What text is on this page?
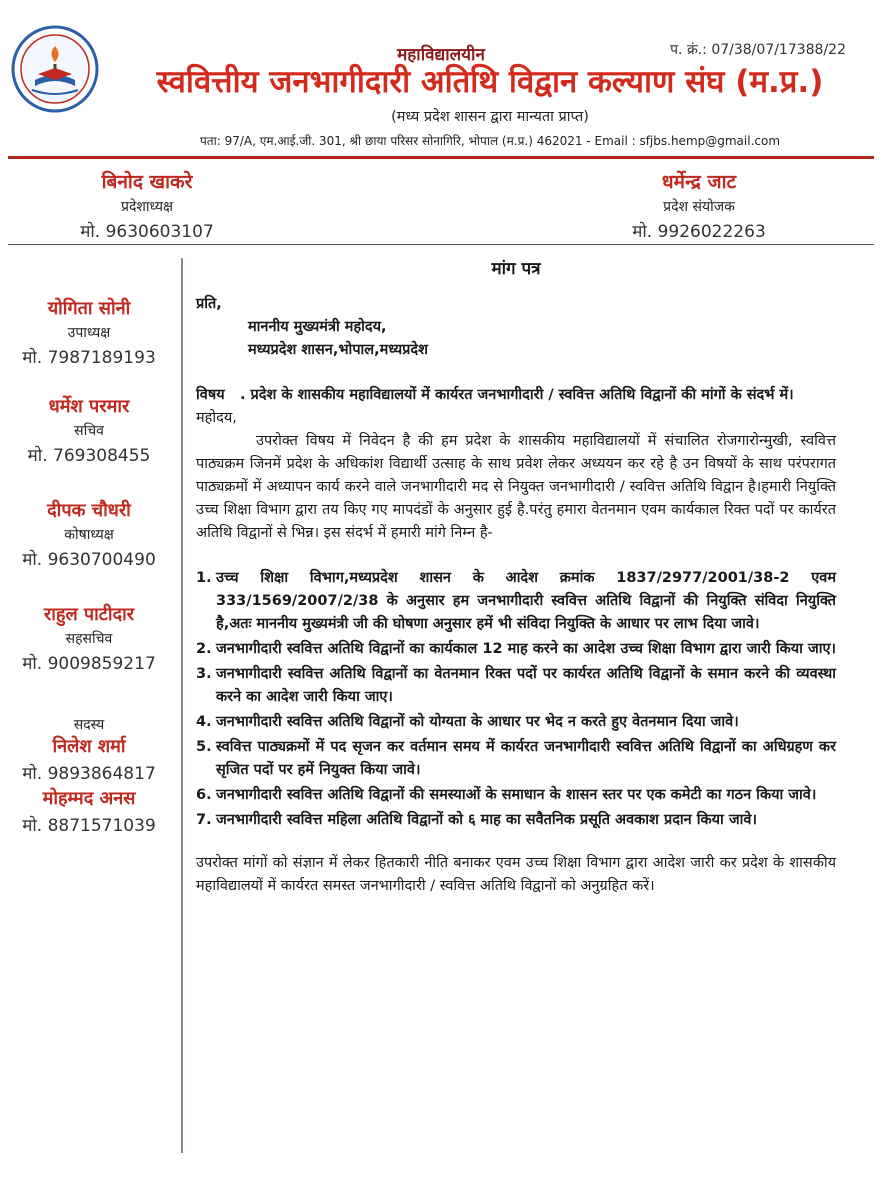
महाविद्यालयीन	प. क्रं.: 07/38/07/17388/22
स्ववित्तीय जनभागीदारी अतिथि विद्वान कल्याण संघ (म.प्र.)
(मध्य प्रदेश शासन द्वारा मान्यता प्राप्त)
पता: 97/A, एम.आई.जी. 301, श्री छाया परिसर सोनागिरि, भोपाल (म.प्र.) 462021 - Email : sfjbs.hemp@gmail.com
बिनोद खाकरे
प्रदेशाध्यक्ष
मो. 9630603107
धर्मेन्द्र जाट
प्रदेश संयोजक
मो. 9926022263
योगिता सोनी
उपाध्यक्ष
मो. 7987189193
धर्मेश परमार
सचिव
मो. 769308455
दीपक चौधरी
कोषाध्यक्ष
मो. 9630700490
राहुल पाटीदार
सहसचिव
मो. 9009859217
सदस्य
निलेश शर्मा
मो. 9893864817
मोहम्मद अनस
मो. 8871571039
मांग पत्र
प्रति,
माननीय मुख्यमंत्री महोदय,
मध्यप्रदेश शासन,भोपाल,मध्यप्रदेश
विषय	. प्रदेश के शासकीय महाविद्यालयों में कार्यरत जनभागीदारी / स्ववित्त अतिथि विद्वानों की मांगों के संदर्भ में।
महोदय,
उपरोक्त विषय में निवेदन है की हम प्रदेश के शासकीय महाविद्यालयों में संचालित रोजगारोन्मुखी, स्ववित्त पाठ्यक्रम जिनमें प्रदेश के अधिकांश विद्यार्थी उत्साह के साथ प्रवेश लेकर अध्ययन कर रहे है उन विषयों के साथ परंपरागत पाठ्यक्रमों में अध्यापन कार्य करने वाले जनभागीदारी मद से नियुक्त जनभागीदारी / स्ववित्त अतिथि विद्वान है।हमारी नियुक्ति उच्च शिक्षा विभाग द्वारा तय किए गए मापदंडों के अनुसार हुई है.परंतु हमारा वेतनमान एवम कार्यकाल रिक्त पदों पर कार्यरत अतिथि विद्वानों से भिन्न। इस संदर्भ में हमारी मांगे निम्न है-
1. उच्च शिक्षा विभाग,मध्यप्रदेश शासन के आदेश क्रमांक 1837/2977/2001/38-2 एवम 333/1569/2007/2/38 के अनुसार हम जनभागीदारी स्ववित्त अतिथि विद्वानों की नियुक्ति संविदा नियुक्ति है,अतः माननीय मुख्यमंत्री जी की घोषणा अनुसार हमें भी संविदा नियुक्ति के आधार पर लाभ दिया जावे।
2. जनभागीदारी स्ववित्त अतिथि विद्वानों का कार्यकाल 12 माह करने का आदेश उच्च शिक्षा विभाग द्वारा जारी किया जाए।
3. जनभागीदारी स्ववित्त अतिथि विद्वानों का वेतनमान रिक्त पदों पर कार्यरत अतिथि विद्वानों के समान करने की व्यवस्था करने का आदेश जारी किया जाए।
4. जनभागीदारी स्ववित्त अतिथि विद्वानों को योग्यता के आधार पर भेद न करते हुए वेतनमान दिया जावे।
5. स्ववित्त पाठ्यक्रमों में पद सृजन कर वर्तमान समय में कार्यरत जनभागीदारी स्ववित्त अतिथि विद्वानों का अधिग्रहण कर सृजित पदों पर हमें नियुक्त किया जावे।
6. जनभागीदारी स्ववित्त अतिथि विद्वानों की समस्याओं के समाधान के शासन स्तर पर एक कमेटी का गठन किया जावे।
7. जनभागीदारी स्ववित्त महिला अतिथि विद्वानों को ६ माह का सवैतनिक प्रसूति अवकाश प्रदान किया जावे।
उपरोक्त मांगों को संज्ञान में लेकर हितकारी नीति बनाकर एवम उच्च शिक्षा विभाग द्वारा आदेश जारी कर प्रदेश के शासकीय महाविद्यालयों में कार्यरत समस्त जनभागीदारी / स्ववित्त अतिथि विद्वानों को अनुग्रहित करें।
